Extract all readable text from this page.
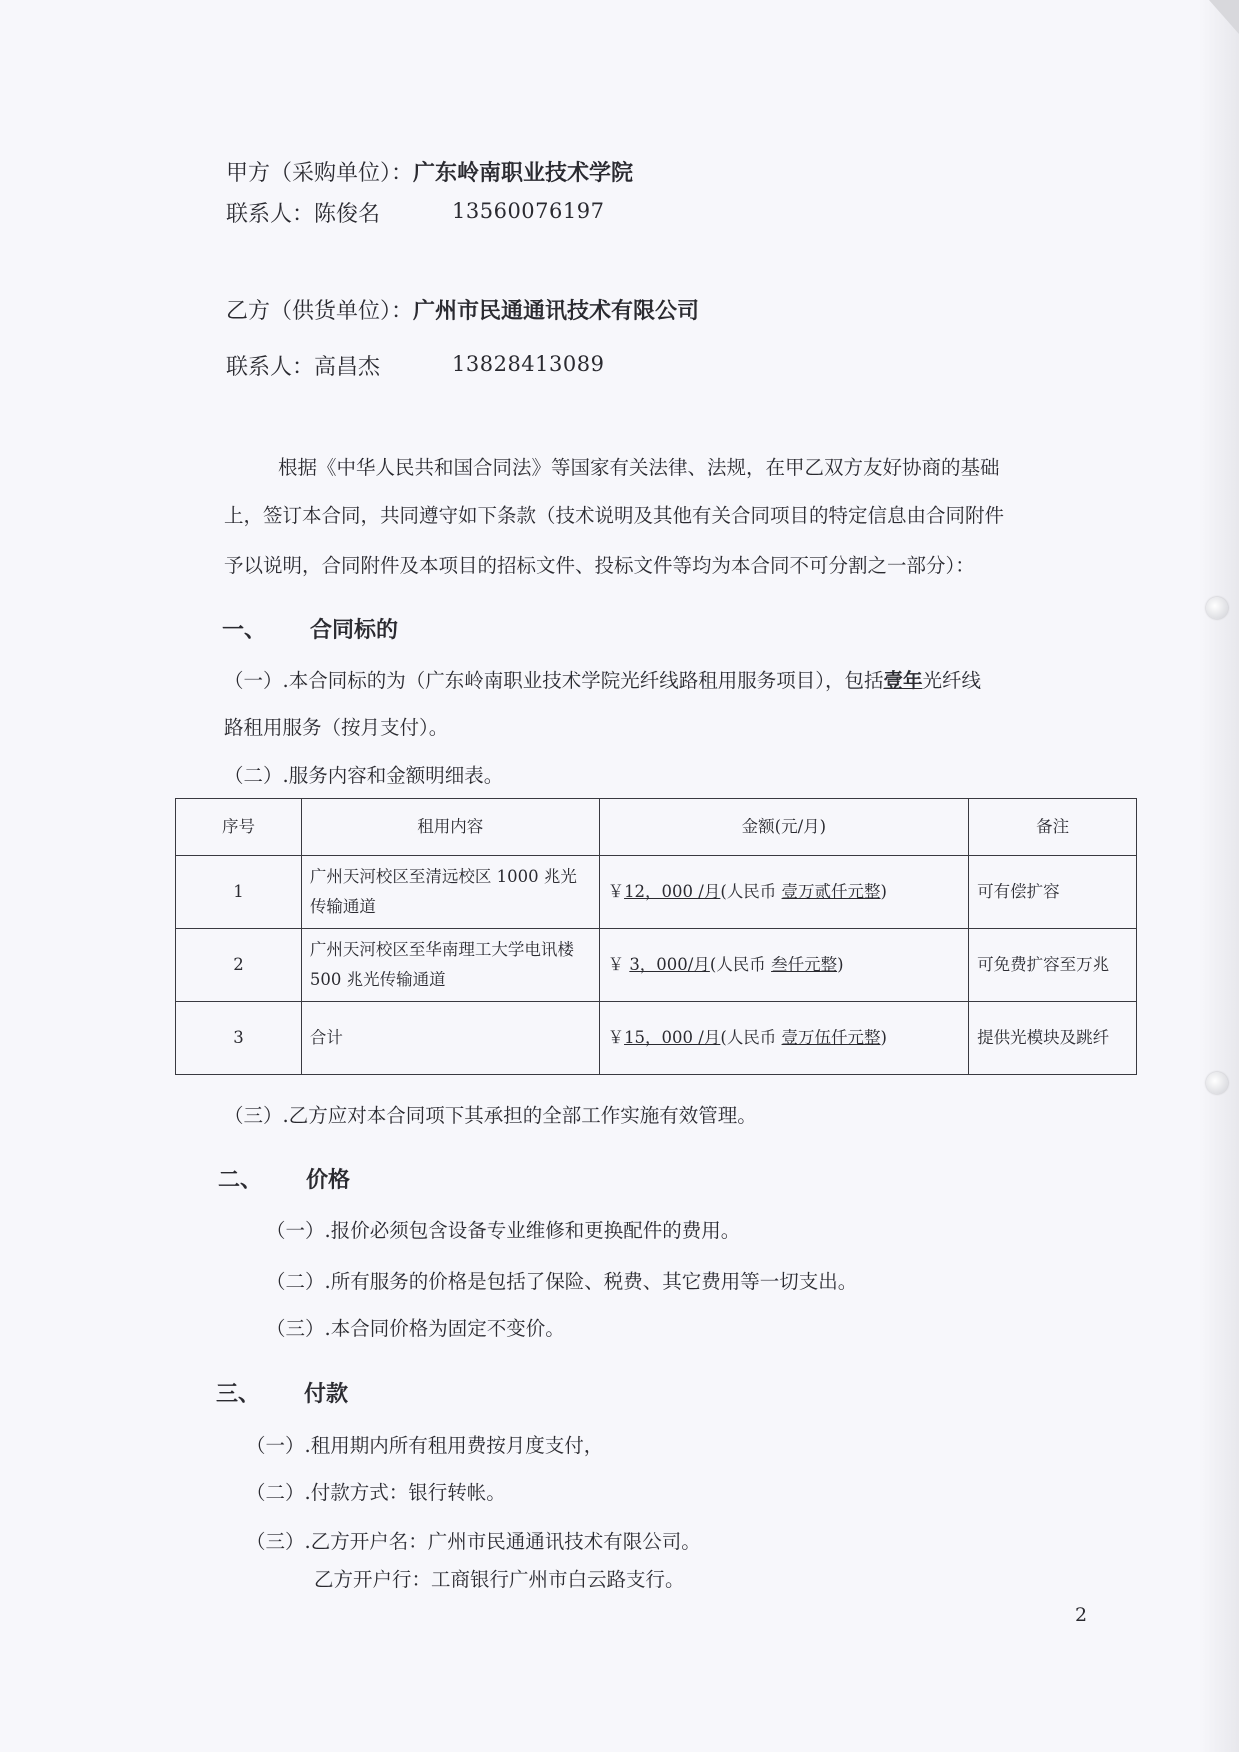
甲方（采购单位）：广东岭南职业技术学院
联系人：陈俊名	13560076197
乙方（供货单位）：广州市民通通讯技术有限公司
联系人：高昌杰	13828413089
根据《中华人民共和国合同法》等国家有关法律、法规，在甲乙双方友好协商的基础
上，签订本合同，共同遵守如下条款（技术说明及其他有关合同项目的特定信息由合同附件
予以说明，合同附件及本项目的招标文件、投标文件等均为本合同不可分割之一部分）：
一、 合同标的
（一）.本合同标的为（广东岭南职业技术学院光纤线路租用服务项目），包括壹年光纤线
路租用服务（按月支付）。
（二）.服务内容和金额明细表。
序号	租用内容	金额(元/月)	备注
1	广州天河校区至清远校区 1000 兆光传输通道	￥12，000 /月(人民币 壹万贰仟元整)	可有偿扩容
2	广州天河校区至华南理工大学电讯楼 500 兆光传输通道	￥ 3，000/月(人民币 叁仟元整)	可免费扩容至万兆
3	合计	￥15，000 /月(人民币 壹万伍仟元整)	提供光模块及跳纤
（三）.乙方应对本合同项下其承担的全部工作实施有效管理。
二、 价格
（一）.报价必须包含设备专业维修和更换配件的费用。
（二）.所有服务的价格是包括了保险、税费、其它费用等一切支出。
（三）.本合同价格为固定不变价。
三、 付款
（一）.租用期内所有租用费按月度支付，
（二）.付款方式：银行转帐。
（三）.乙方开户名：广州市民通通讯技术有限公司。
乙方开户行：工商银行广州市白云路支行。
2
